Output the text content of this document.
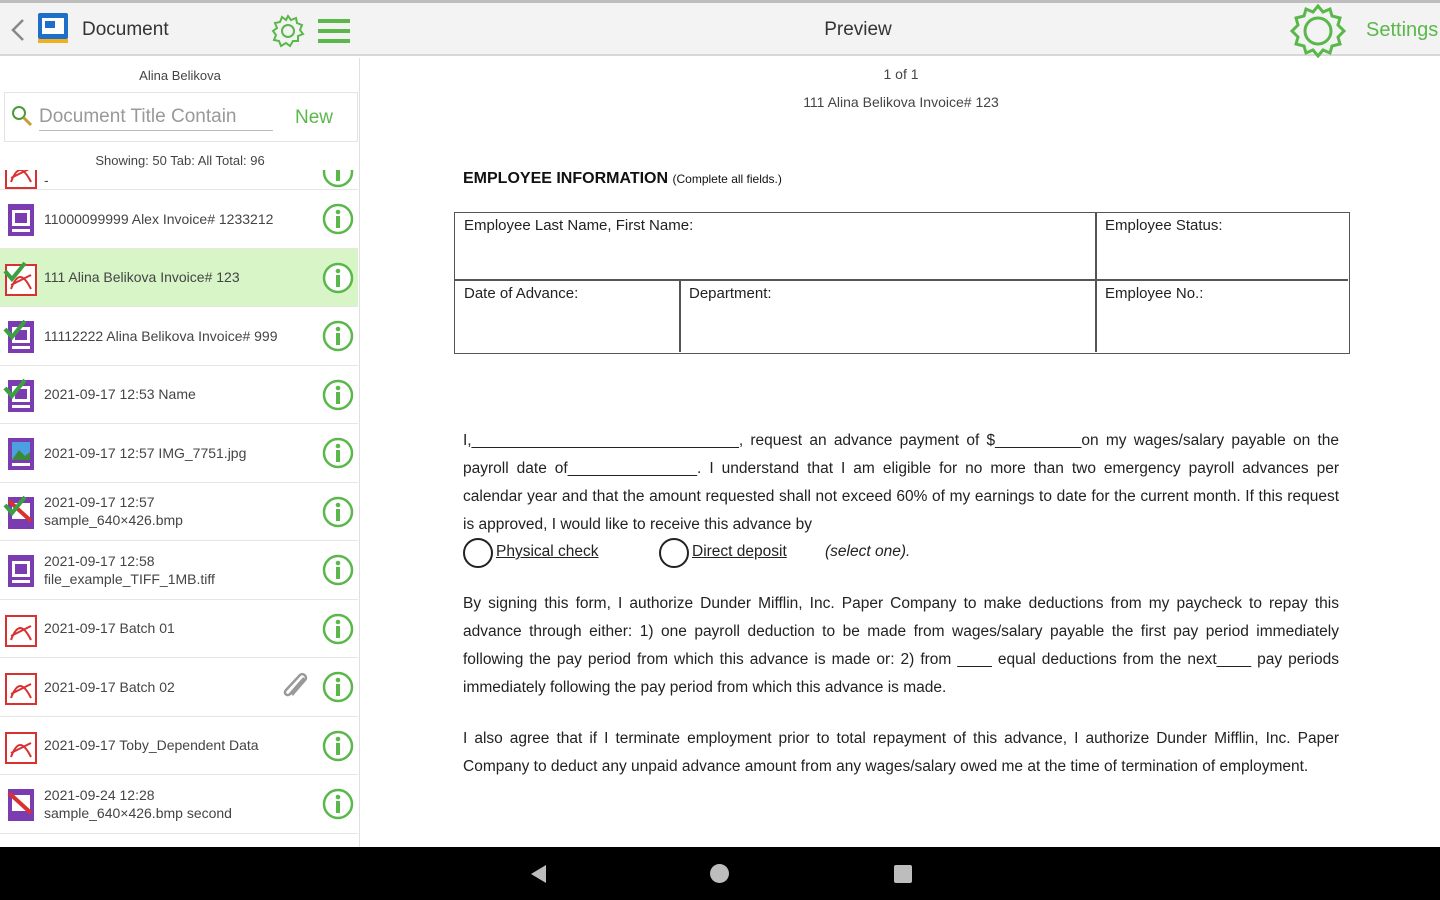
Document	Preview	Settings
Alina Belikova
Document Title Contain
New
Showing: 50 Tab: All Total: 96
-
11000099999 Alex Invoice# 1233212
111 Alina Belikova Invoice# 123
11112222 Alina Belikova Invoice# 999
2021-09-17 12:53 Name
2021-09-17 12:57 IMG_7751.jpg
2021-09-17 12:57
sample_640×426.bmp
2021-09-17 12:58
file_example_TIFF_1MB.tiff
2021-09-17 Batch 01
2021-09-17 Batch 02
2021-09-17 Toby_Dependent Data
2021-09-24 12:28
sample_640×426.bmp second
1 of 1
111 Alina Belikova Invoice# 123
EMPLOYEE INFORMATION (Complete all fields.)
Employee Last Name, First Name:	Employee Status:
Date of Advance:	Department:	Employee No.:
I,_______________________________, request an advance payment of $__________on my wages/salary payable on the payroll date of_______________. I understand that I am eligible for no more than two emergency payroll advances per calendar year and that the amount requested shall not exceed 60% of my earnings to date for the current month. If this request is approved, I would like to receive this advance by
Physical check	Direct deposit (select one).
By signing this form, I authorize Dunder Mifflin, Inc. Paper Company to make deductions from my paycheck to repay this advance through either: 1) one payroll deduction to be made from wages/salary payable the first pay period immediately following the pay period from which this advance is made or: 2) from ____ equal deductions from the next____ pay periods immediately following the pay period from which this advance is made.
I also agree that if I terminate employment prior to total repayment of this advance, I authorize Dunder Mifflin, Inc. Paper Company to deduct any unpaid advance amount from any wages/salary owed me at the time of termination of employment.
